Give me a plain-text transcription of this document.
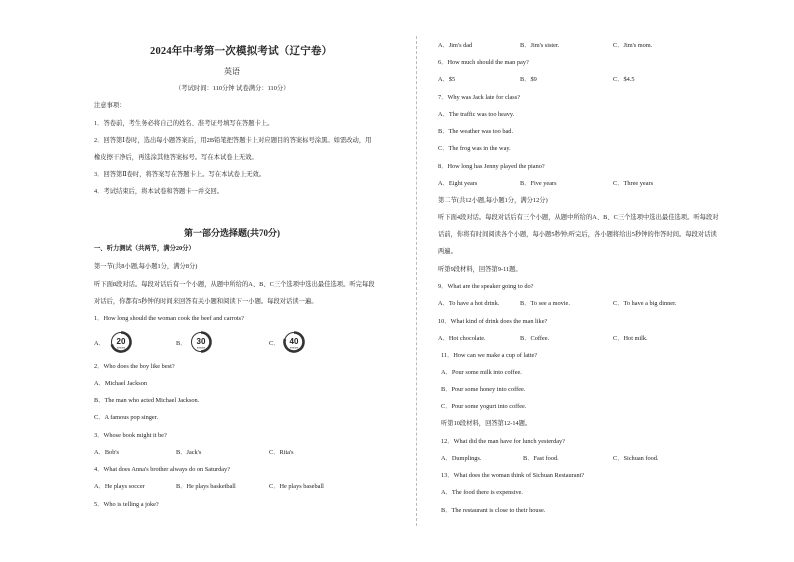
2024年中考第一次模拟考试（辽宁卷）
英语
（考试时间：110分钟 试卷满分：110分）
注意事项：
1．答卷前，考生务必将自己的姓名、准考证号填写在答题卡上。
2．回答第Ⅰ卷时，选出每小题答案后，用2B铅笔把答题卡上对应题目的答案标号涂黑。如需改动，用
橡皮擦干净后，再选涂其他答案标号。写在本试卷上无效。
3．回答第Ⅱ卷时，将答案写在答题卡上。写在本试卷上无效。
4．考试结束后，将本试卷和答题卡一并交回。
第一部分选择题(共70分)
一、听力测试（共两节，满分20分）
第一节(共8小题,每小题1分，满分8分)
听下面8段对话。每段对话后有一个小题，从题中所给的A、B、C三个选项中选出最佳选项。听完每段
对话后，你都有5秒钟的时间来回答有关小题和阅读下一小题。每段对话读一遍。
1．How long should the woman cook the beef and carrots?
A． 20
minutes
B． 30
minutes
C． 40
minutes
2．Who does the boy like best?
A．Michael Jackson
B．The man who acted Michael Jackson.
C．A famous pop singer.
3．Whose book might it be?
A．Bob's	B．Jack's	C．Rita's
4．What does Anna's brother always do on Saturday?
A．He plays soccer	B．He plays basketball	C．He plays baseball
5．Who is telling a joke?
A．Jim's dad	B．Jim's sister.	C．Jim's mom.
6．How much should the man pay?
A．$5	B．$9	C．$4.5
7．Why was Jack late for class?
A．The traffic was too heavy.
B．The weather was too bad.
C．The frog was in the way.
8．How long has Jenny played the piano?
A．Eight years	B．Five years	C．Three years
第二节(共12小题,每小题1分，满分12分)
听下面4段对话。每段对话后有三个小题，从题中所给的A、B、C三个选项中选出最佳选项。听每段对
话前，你将有时间阅读各个小题，每小题5秒钟;听完后，各小题将给出5秒钟的作答时间。每段对话读
两遍。
听第9段材料，回答第9-11题。
9．What are the speaker going to do?
A．To have a hot drink.	B．To see a movie.	C．To have a big dinner.
10．What kind of drink does the man like?
A．Hot chocolate.	B．Coffee.	C．Hot milk.
11．How can we make a cup of latte?
A．Pour some milk into coffee.
B．Pour some honey into coffee.
C．Pour some yogurt into coffee.
听第10段材料，回答第12-14题。
12．What did the man have for lunch yesterday?
A．Dumplings.	B．Fast food.	C．Sichuan food.
13．What does the woman think of Sichuan Restaurant?
A．The food there is expensive.
B．The restaurant is close to their house.
